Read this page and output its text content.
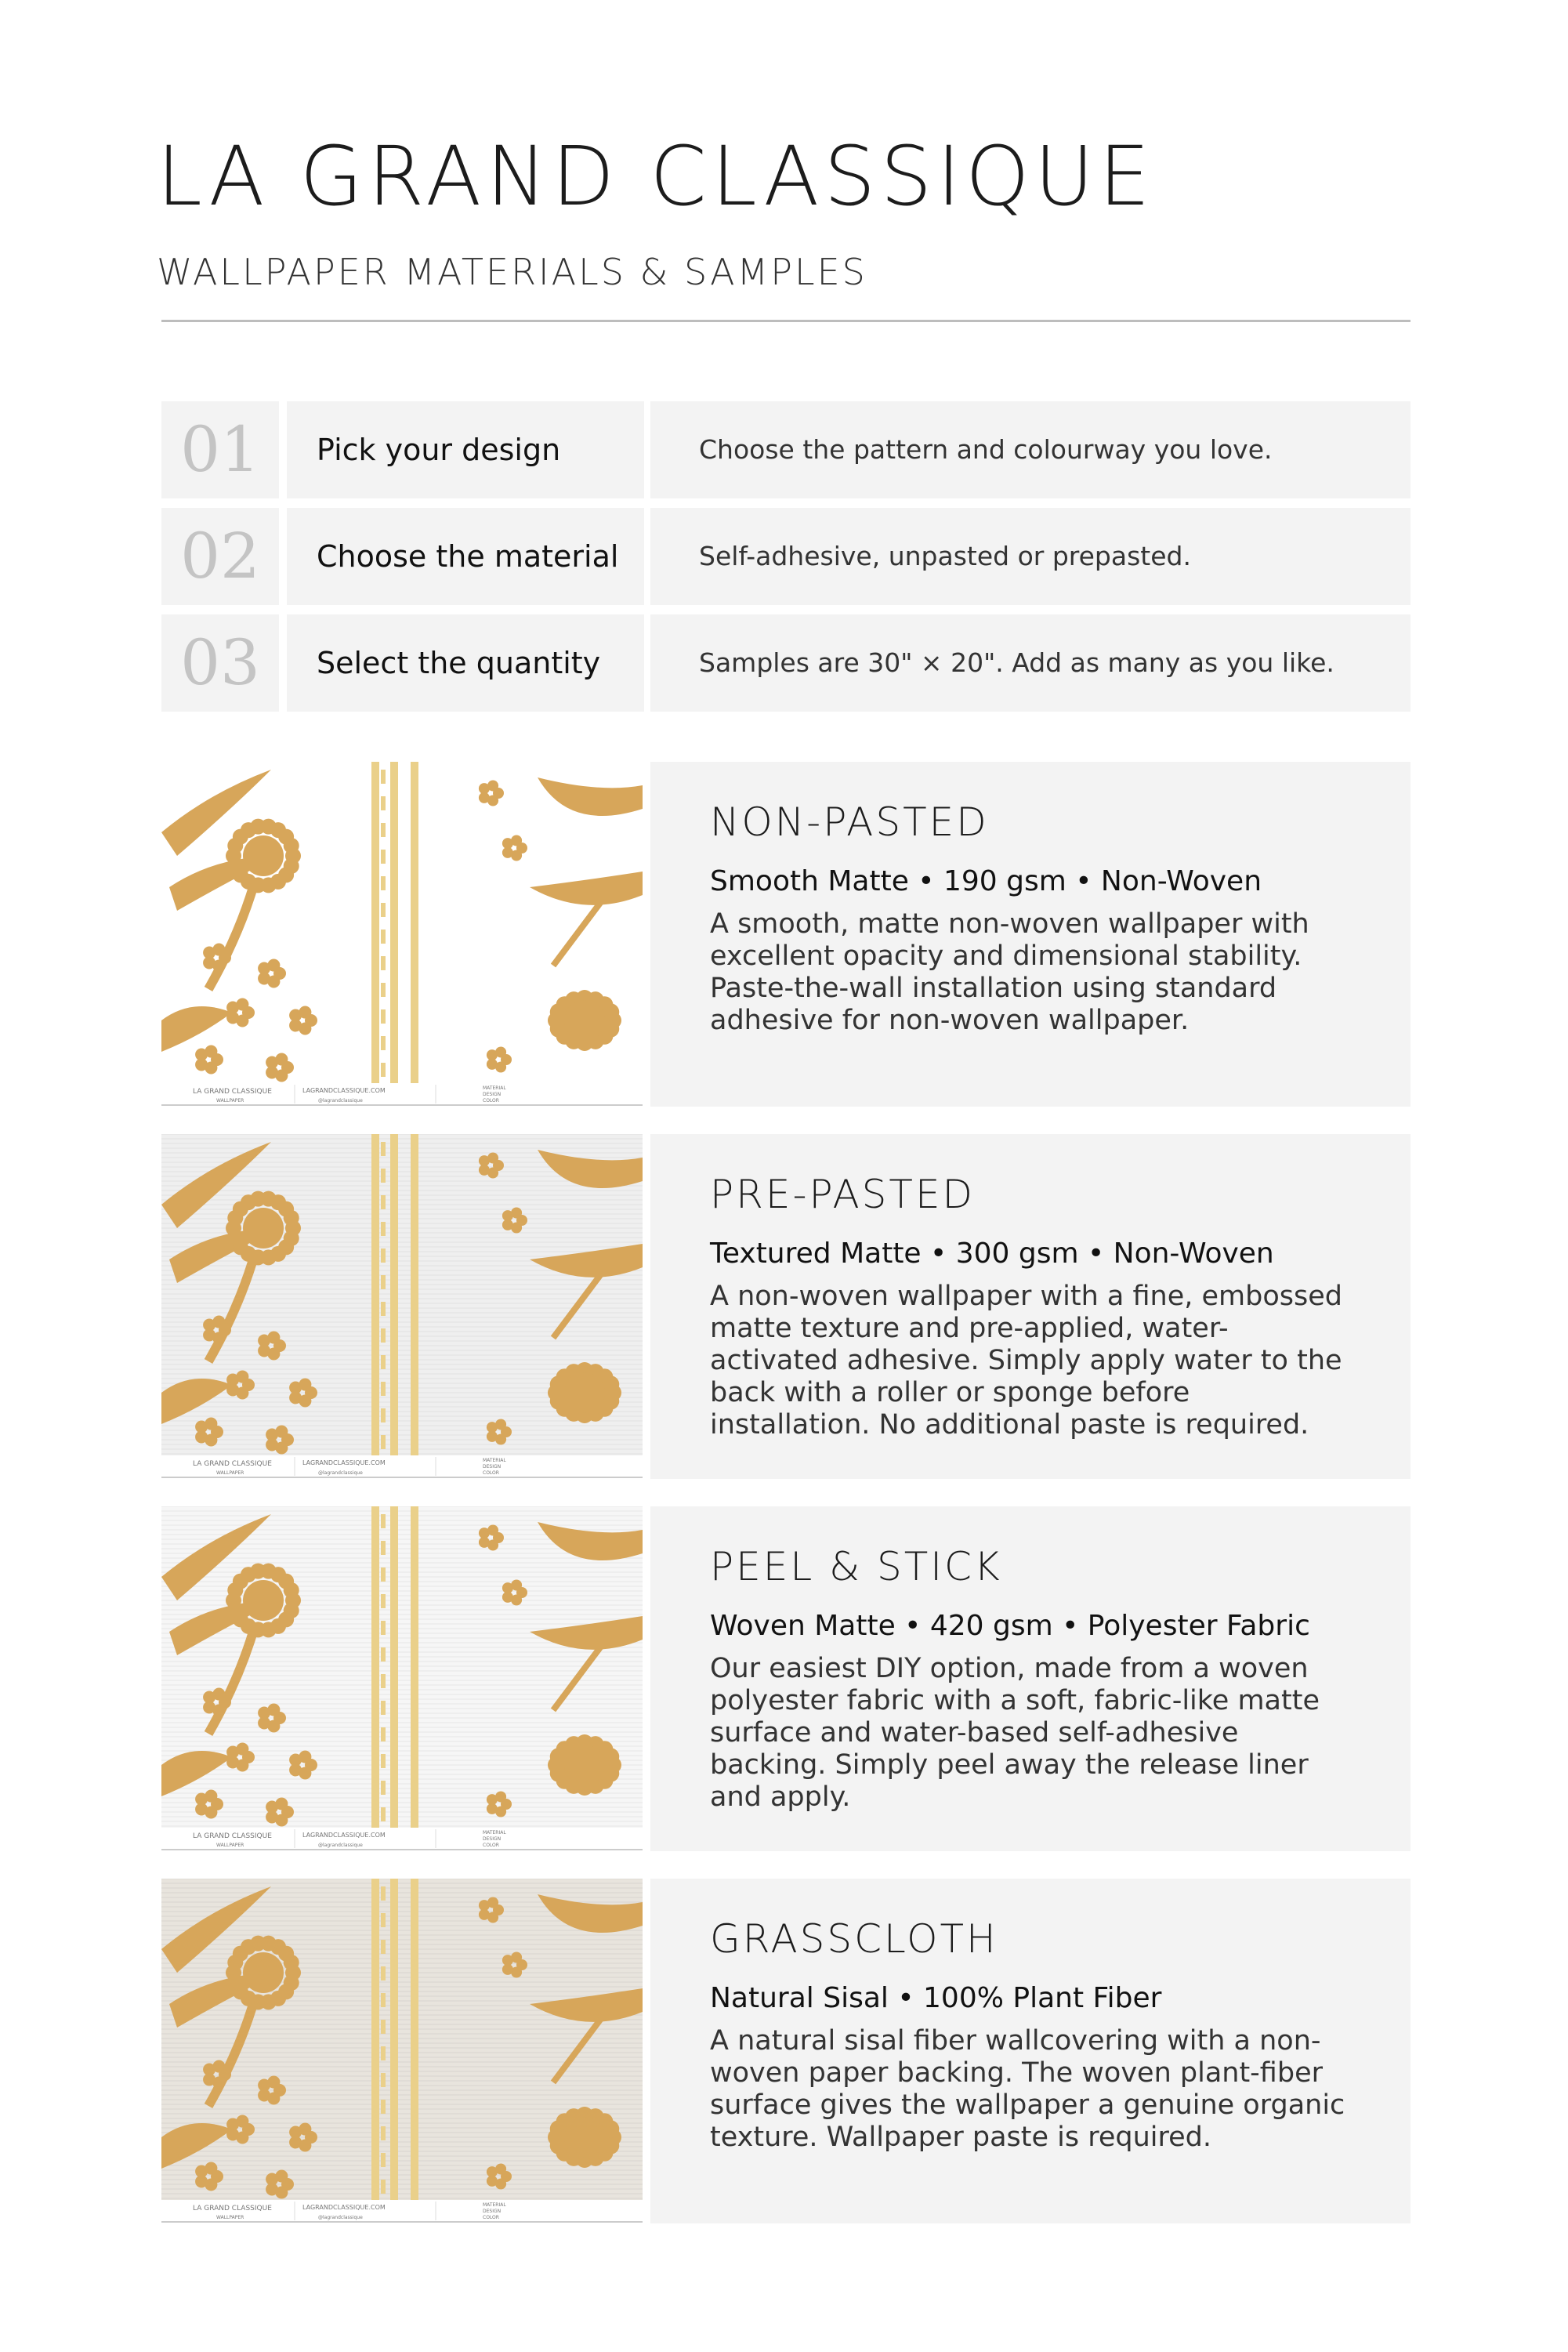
LA GRAND CLASSIQUE
WALLPAPER MATERIALS & SAMPLES
01	Pick your design	Choose the pattern and colourway you love.
02	Choose the material	Self-adhesive, unpasted or prepasted.
03	Select the quantity	Samples are 30" × 20". Add as many as you like.
LA GRAND CLASSIQUE
WALLPAPER
LAGRANDCLASSIQUE.COM
@lagrandclassique
MATERIAL
DESIGN
COLOR

NON-PASTED

Smooth Matte • 190 gsm • Non-Woven

A smooth, matte non-woven wallpaper with excellent opacity and dimensional stability. Paste-the-wall installation using standard adhesive for non-woven wallpaper.

LA GRAND CLASSIQUE
WALLPAPER
LAGRANDCLASSIQUE.COM
@lagrandclassique
MATERIAL
DESIGN
COLOR

PRE-PASTED

Textured Matte • 300 gsm • Non-Woven

A non-woven wallpaper with a fine, embossed matte texture and pre-applied, water-activated adhesive. Simply apply water to the back with a roller or sponge before installation. No additional paste is required.

LA GRAND CLASSIQUE
WALLPAPER
LAGRANDCLASSIQUE.COM
@lagrandclassique
MATERIAL
DESIGN
COLOR

PEEL & STICK

Woven Matte • 420 gsm • Polyester Fabric

Our easiest DIY option, made from a woven polyester fabric with a soft, fabric-like matte surface and water-based self-adhesive backing. Simply peel away the release liner and apply.

LA GRAND CLASSIQUE
WALLPAPER
LAGRANDCLASSIQUE.COM
@lagrandclassique
MATERIAL
DESIGN
COLOR

GRASSCLOTH

Natural Sisal • 100% Plant Fiber

A natural sisal fiber wallcovering with a non-woven paper backing. The woven plant-fiber surface gives the wallpaper a genuine organic texture. Wallpaper paste is required.
